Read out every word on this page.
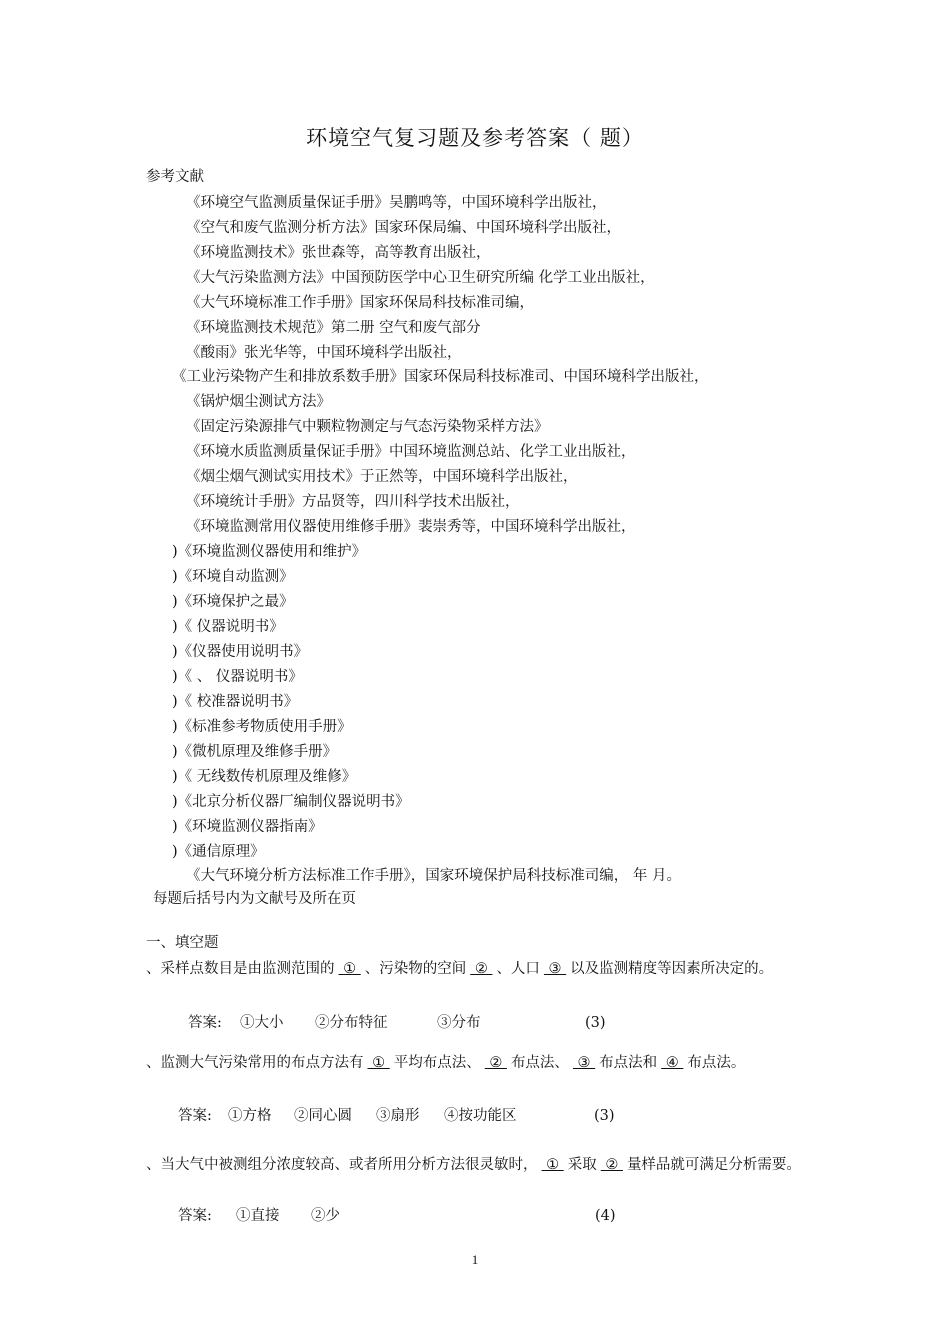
环境空气复习题及参考答案（ 题）
参考文献
《环境空气监测质量保证手册》吴鹏鸣等，中国环境科学出版社，
《空气和废气监测分析方法》国家环保局编、中国环境科学出版社，
《环境监测技术》张世森等，高等教育出版社，
《大气污染监测方法》中国预防医学中心卫生研究所编 化学工业出版社，
《大气环境标准工作手册》国家环保局科技标准司编，
《环境监测技术规范》第二册 空气和废气部分
《酸雨》张光华等，中国环境科学出版社，
《工业污染物产生和排放系数手册》国家环保局科技标准司、中国环境科学出版社，
《锅炉烟尘测试方法》
《固定污染源排气中颗粒物测定与气态污染物采样方法》
《环境水质监测质量保证手册》中国环境监测总站、化学工业出版社，
《烟尘烟气测试实用技术》于正然等，中国环境科学出版社，
《环境统计手册》方品贤等，四川科学技术出版社，
《环境监测常用仪器使用维修手册》裴崇秀等，中国环境科学出版社，
)《环境监测仪器使用和维护》
)《环境自动监测》
)《环境保护之最》
)《 仪器说明书》
)《仪器使用说明书》
)《 、 仪器说明书》
)《 校准器说明书》
)《标准参考物质使用手册》
)《微机原理及维修手册》
)《 无线数传机原理及维修》
)《北京分析仪器厂编制仪器说明书》
)《环境监测仪器指南》
)《通信原理》
《大气环境分析方法标准工作手册》，国家环境保护局科技标准司编， 年 月。
每题后括号内为文献号及所在页
一、填空题

、采样点数目是由监测范围的 ① 、污染物的空间 ② 、人口 ③ 以及监测精度等因素所决定的。

答案: ①大小 ②分布特征	③分布	(3)

、监测大气污染常用的布点方法有 ① 平均布点法、 ② 布点法、 ③ 布点法和 ④ 布点法。

答案: ①方格 ②同心圆 ③扇形 ④按功能区	(3)

、当大气中被测组分浓度较高、或者所用分析方法很灵敏时， ① 采取 ② 量样品就可满足分析需要。

答案: ①直接 ②少	(4)
1
